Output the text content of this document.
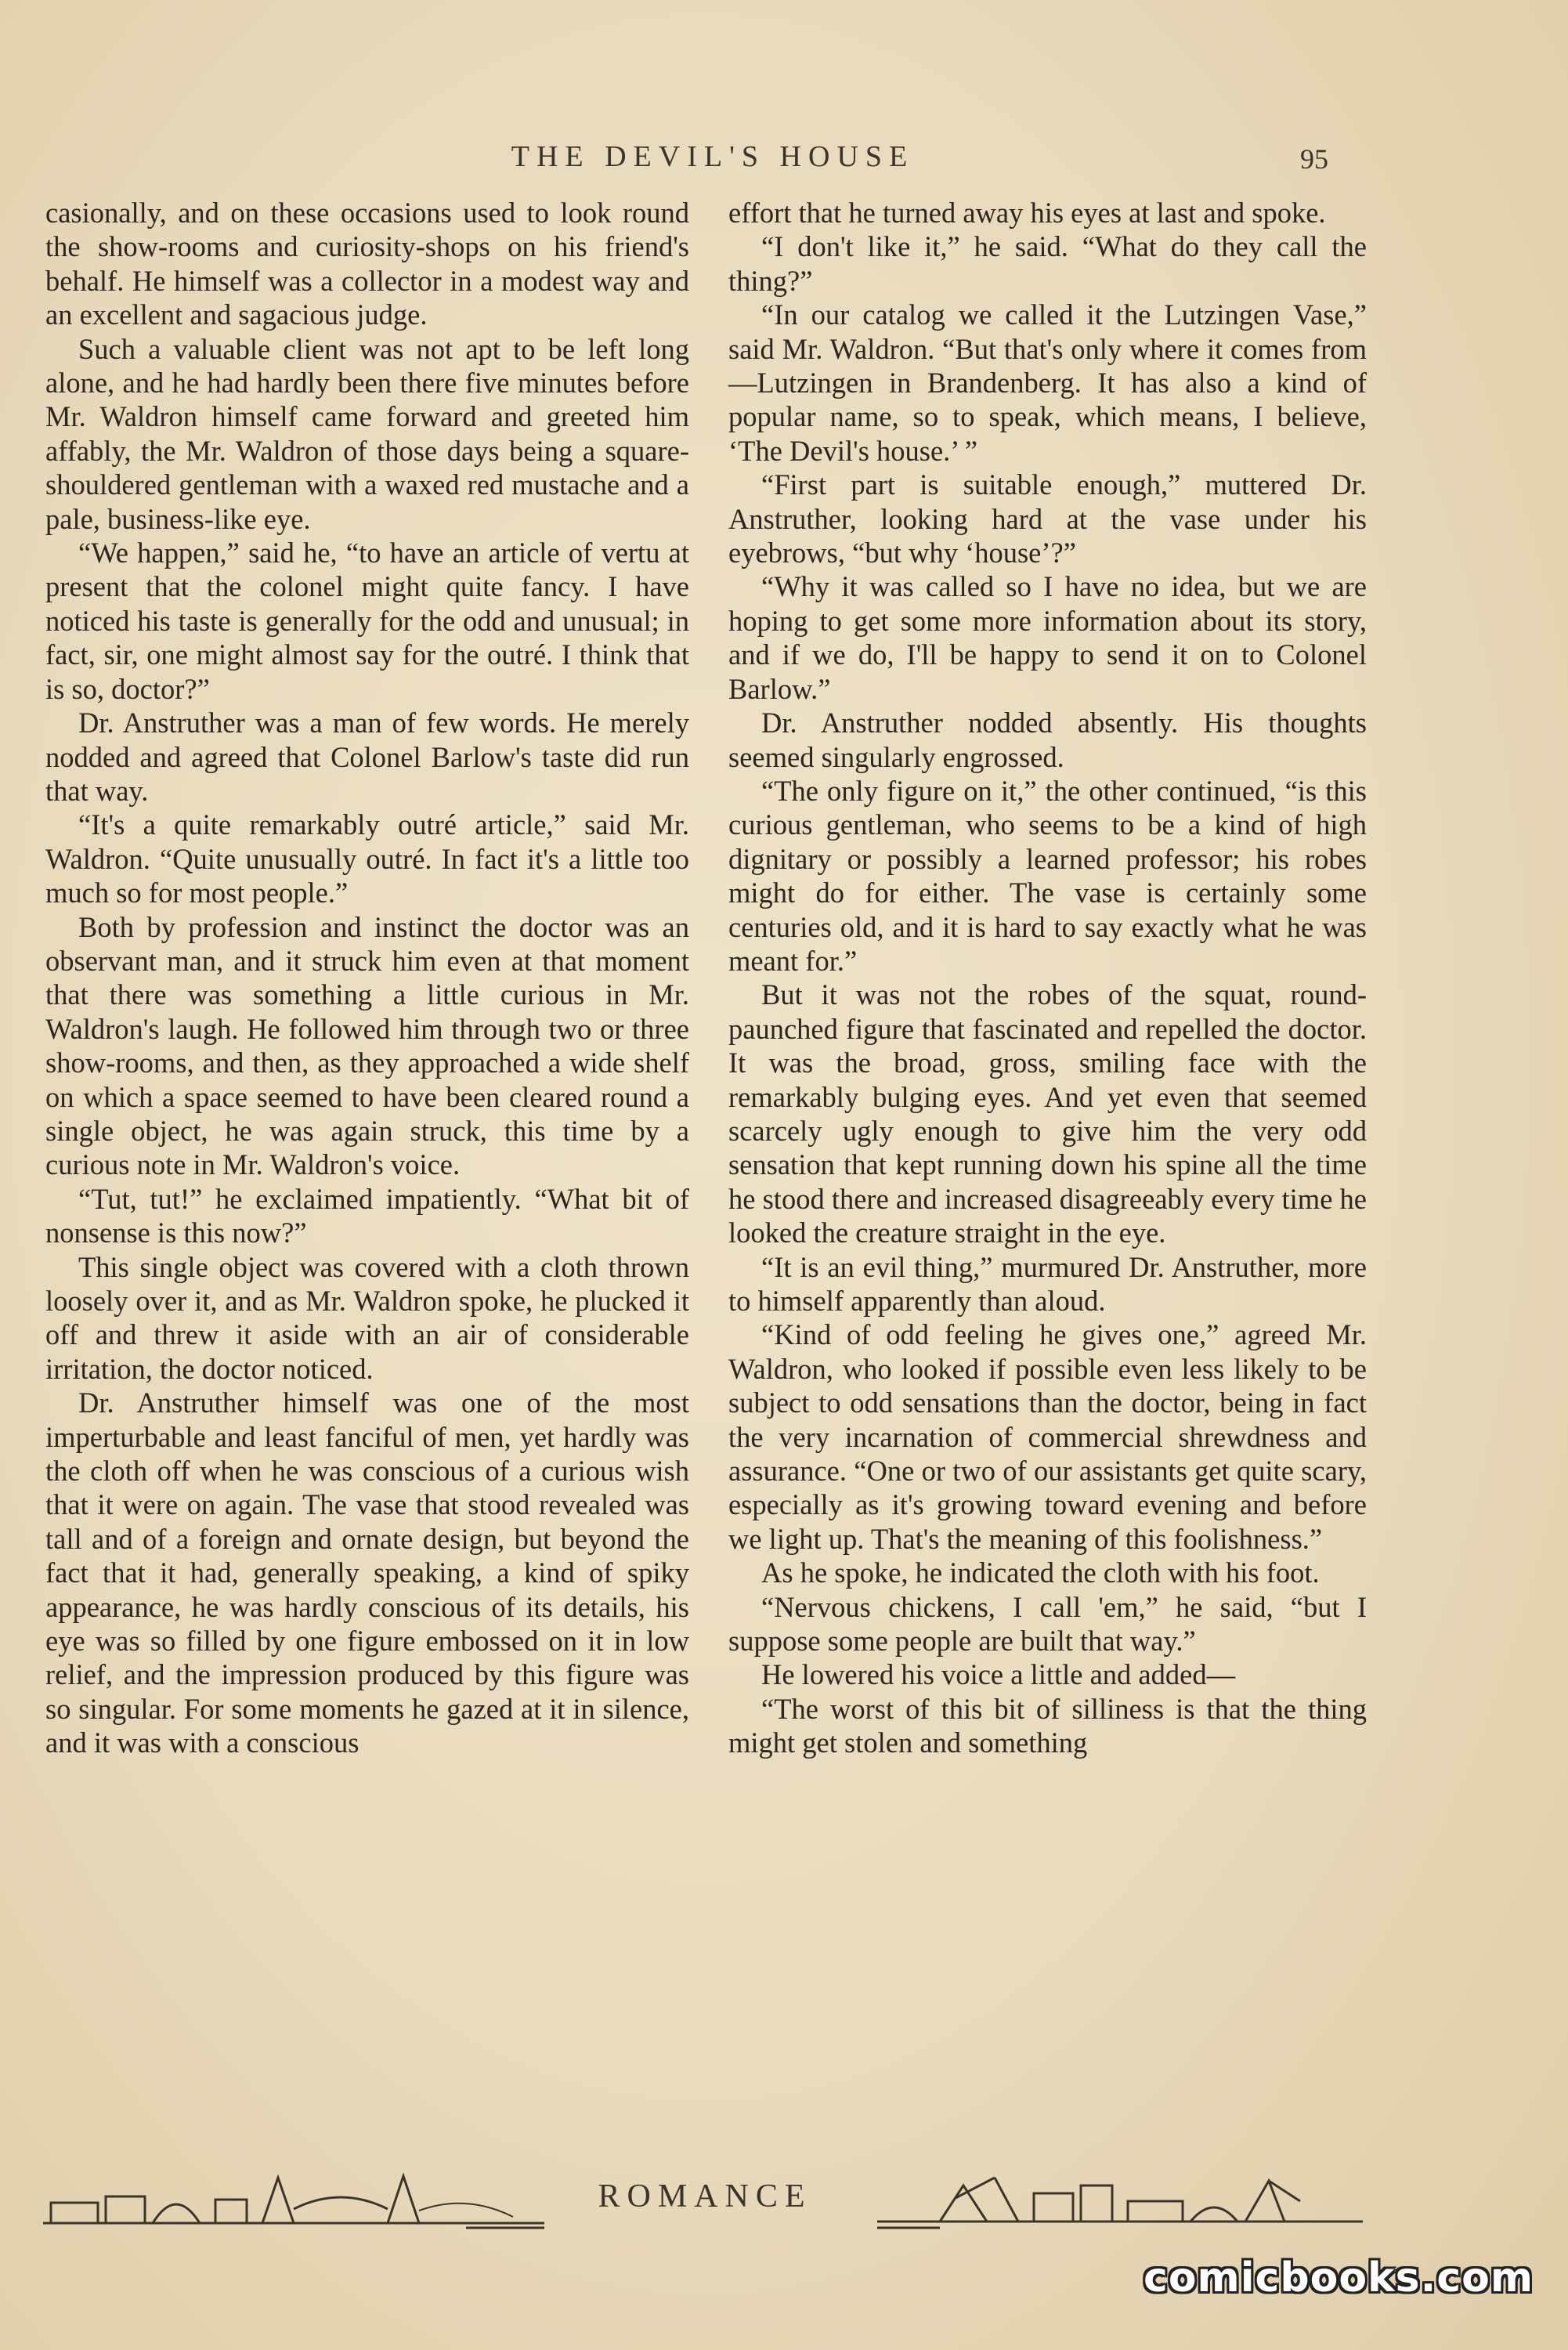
THE DEVIL'S HOUSE	95

casionally, and on these occasions used to look round the show-rooms and curiosity-shops on his friend's behalf. He himself was a collector in a modest way and an excellent and sagacious judge.

Such a valuable client was not apt to be left long alone, and he had hardly been there five minutes before Mr. Waldron himself came forward and greeted him affably, the Mr. Waldron of those days being a square-shouldered gentleman with a waxed red mustache and a pale, business-like eye.

“We happen,” said he, “to have an article of vertu at present that the colonel might quite fancy. I have noticed his taste is generally for the odd and unusual; in fact, sir, one might almost say for the outré. I think that is so, doctor?”

Dr. Anstruther was a man of few words. He merely nodded and agreed that Colonel Barlow's taste did run that way.

“It's a quite remarkably outré article,” said Mr. Waldron. “Quite unusually outré. In fact it's a little too much so for most people.”

Both by profession and instinct the doctor was an observant man, and it struck him even at that moment that there was something a little curious in Mr. Waldron's laugh. He followed him through two or three show-rooms, and then, as they approached a wide shelf on which a space seemed to have been cleared round a single object, he was again struck, this time by a curious note in Mr. Waldron's voice.

“Tut, tut!” he exclaimed impatiently. “What bit of nonsense is this now?”

This single object was covered with a cloth thrown loosely over it, and as Mr. Waldron spoke, he plucked it off and threw it aside with an air of considerable irritation, the doctor noticed.

Dr. Anstruther himself was one of the most imperturbable and least fanciful of men, yet hardly was the cloth off when he was conscious of a curious wish that it were on again. The vase that stood revealed was tall and of a foreign and ornate design, but beyond the fact that it had, generally speaking, a kind of spiky appearance, he was hardly conscious of its details, his eye was so filled by one figure embossed on it in low relief, and the impression produced by this figure was so singular. For some moments he gazed at it in silence, and it was with a conscious

effort that he turned away his eyes at last and spoke.

“I don't like it,” he said. “What do they call the thing?”

“In our catalog we called it the Lutzingen Vase,” said Mr. Waldron. “But that's only where it comes from—Lutzingen in Brandenberg. It has also a kind of popular name, so to speak, which means, I believe, ‘The Devil's house.’ ”

“First part is suitable enough,” muttered Dr. Anstruther, looking hard at the vase under his eyebrows, “but why ‘house’?”

“Why it was called so I have no idea, but we are hoping to get some more information about its story, and if we do, I'll be happy to send it on to Colonel Barlow.”

Dr. Anstruther nodded absently. His thoughts seemed singularly engrossed.

“The only figure on it,” the other continued, “is this curious gentleman, who seems to be a kind of high dignitary or possibly a learned professor; his robes might do for either. The vase is certainly some centuries old, and it is hard to say exactly what he was meant for.”

But it was not the robes of the squat, round-paunched figure that fascinated and repelled the doctor. It was the broad, gross, smiling face with the remarkably bulging eyes. And yet even that seemed scarcely ugly enough to give him the very odd sensation that kept running down his spine all the time he stood there and increased disagreeably every time he looked the creature straight in the eye.

“It is an evil thing,” murmured Dr. Anstruther, more to himself apparently than aloud.

“Kind of odd feeling he gives one,” agreed Mr. Waldron, who looked if possible even less likely to be subject to odd sensations than the doctor, being in fact the very incarnation of commercial shrewdness and assurance. “One or two of our assistants get quite scary, especially as it's growing toward evening and before we light up. That's the meaning of this foolishness.”

As he spoke, he indicated the cloth with his foot.

“Nervous chickens, I call 'em,” he said, “but I suppose some people are built that way.”

He lowered his voice a little and added—

“The worst of this bit of silliness is that the thing might get stolen and something

ROMANCE
comicbooks.com
